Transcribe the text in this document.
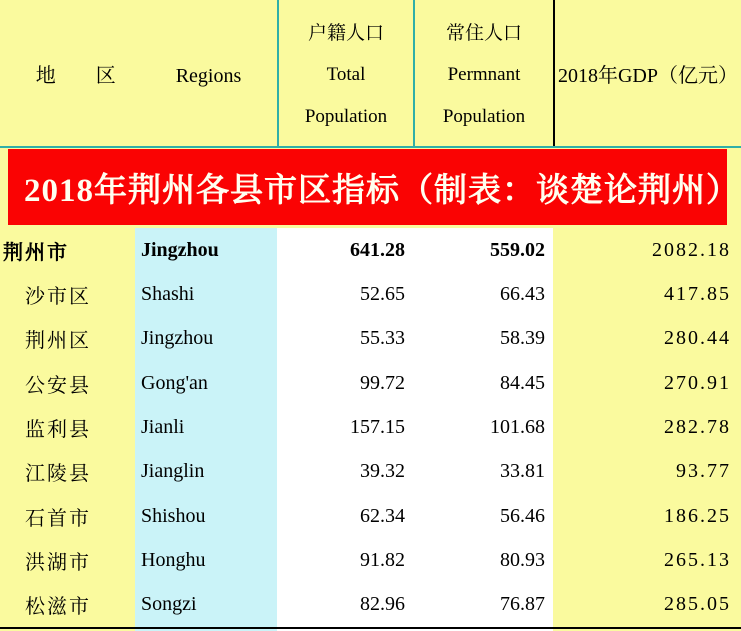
地　　区　　　Regions
户籍人口
Total
Population
常住人口
Permnant
Population
2018年GDP（亿元）
2018年荆州各县市区指标（制表：谈楚论荆州）
荆州市	Jingzhou	641.28	559.02	2082.18
沙市区	Shashi	52.65	66.43	417.85
荆州区	Jingzhou	55.33	58.39	280.44
公安县	Gong'an	99.72	84.45	270.91
监利县	Jianli	157.15	101.68	282.78
江陵县	Jianglin	39.32	33.81	93.77
石首市	Shishou	62.34	56.46	186.25
洪湖市	Honghu	91.82	80.93	265.13
松滋市	Songzi	82.96	76.87	285.05
